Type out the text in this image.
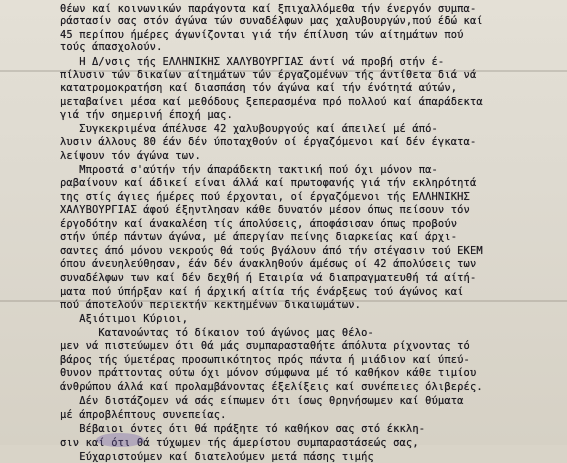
θέων καί κοινωνικών παράγοντα καί ξπιχαλλόμεθα τήν ένεργόν συμπα-
ράστασίν σας στόν άγώνα τών συναδέλφων μας χαλυβουργών,πού έδώ καί
45 περίπου ήμέρες άγωνίζονται γιά τήν έπίλυση τών αίτημάτων πού
τούς άπασχολούν.
Η Δ/νσις τής ΕΛΛΗΝΙΚΗΣ ΧΑΛΥΒΟΥΡΓΙΑΣ άντί νά προβή στήν έ-
πίλυσιν τών δικαίων αίτημάτων τών έργαζομένων τής άντίθετα διά νά
κατατρομοκρατήση καί διασπάση τόν άγώνα καί τήν ένότητά αύτών,
μεταβαίνει μέσα καί μεθόδους ξεπερασμένα πρό πολλού καί άπαράδεκτα
γιά τήν σημερινή έποχή μας.
Συγκεκριμένα άπέλυσε 42 χαλυβουργούς καί άπειλεί μέ άπό-
λυσιν άλλους 80 έάν δέν ύποταχθούν οί έργαζόμενοι καί δέν έγκατα-
λείψουν τόν άγώνα των.
Μπροστά σ'αύτήν τήν άπαράδεκτη τακτική πού όχι μόνον πα-
ραβαίνουν καί άδικεί είναι άλλά καί πρωτοφανής γιά τήν εκληρότητά
της στίς άγιες ήμέρες πού έρχονται, οί έργαζόμενοι τής ΕΛΛΗΝΙΚΗΣ
ΧΑΛΥΒΟΥΡΓΙΑΣ άφού έξηντλησαν κάθε δυνατόν μέσον όπως πείσουν τόν
έργοδότην καί άνακαλέση τίς άπολύσεις, άποφάσισαν όπως προβούν
στήν ύπέρ πάντων άγώνα, μέ άπεργίαν πείνης διαρκείας καί άρχι-
σαντες άπό μόνου νεκρούς θά τούς βγάλουν άπό τήν στέγασιν τού ΕΚΕΜ
όπου άνευηλεύθησαν, έάν δέν άνακληθούν άμέσως οί 42 άπολύσεις των
συναδέλφων των καί δέν δεχθή ή Εταιρία νά διαπραγματευθή τά αίτή-
ματα πού ύπήρξαν καί ή άρχική αίτία τής ένάρξεως τού άγώνος καί
πού άποτελούν περιεκτήν κεκτημένων δικαιωμάτων.
Αξιότιμοι Κύριοι,
Κατανοώντας τό δίκαιον τού άγώνος μας θέλο-
μεν νά πιστεύωμεν ότι θά μάς συμπαρασταθήτε άπόλυτα ρίχνοντας τό
βάρος τής ύμετέρας προσωπικότητος πρός πάντα ή μιάδιον καί ύπεύ-
θυνον πράττοντας ούτω όχι μόνον σύμφωνα μέ τό καθήκον κάθε τιμίου
άνθρώπου άλλά καί προλαμβάνοντας έξελίξεις καί συνέπειες όλιβερές.
Δέν διστάζομεν νά σάς είπωμεν ότι ίσως θρηνήσωμεν καί θύματα
μέ άπροβλέπτους συνεπείας.
Βέβαιοι όντες ότι θά πράξητε τό καθήκον σας στό έκκλη-
σιν καί ότι θά τύχωμεν τής άμερίστου συμπαραστάσεώς σας,
Εύχαριστούμεν καί διατελούμεν μετά πάσης τιμής
